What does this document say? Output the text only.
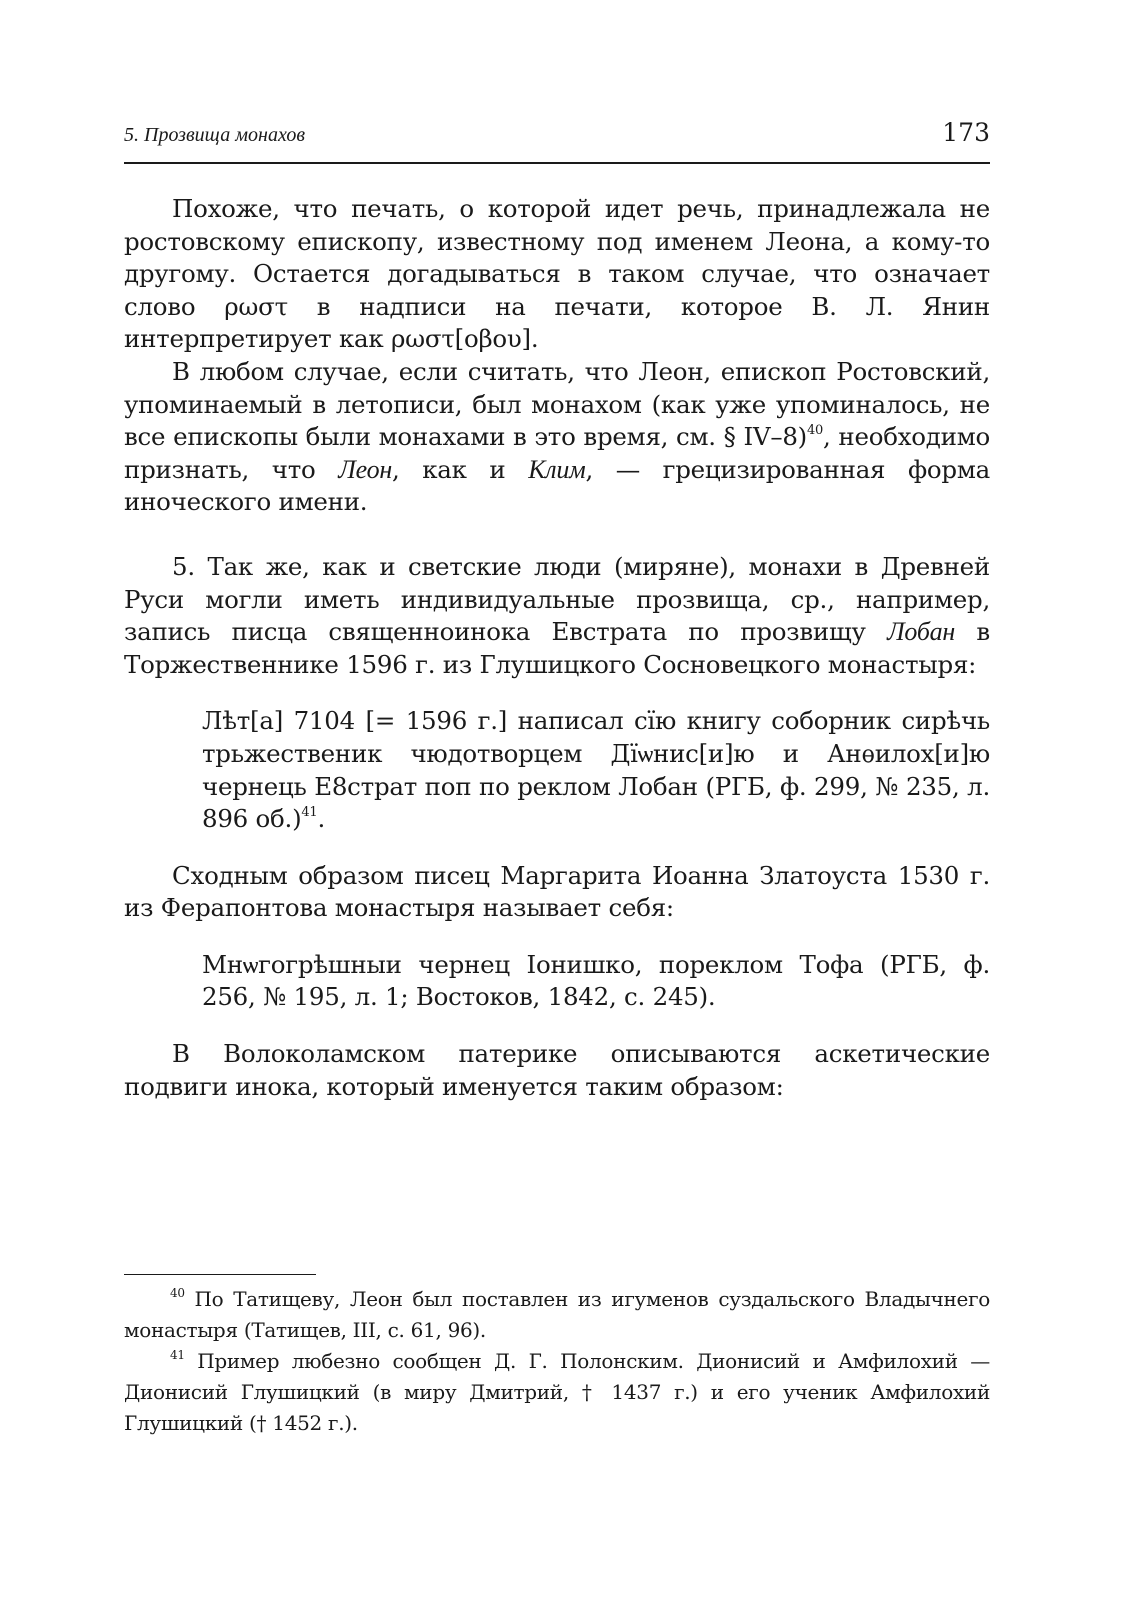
5. Прозвища монахов	173

Похоже, что печать, о которой идет речь, принадлежала не ростовскому епископу, известному под именем Леона, а кому-то другому. Остается догадываться в таком случае, что означает слово ρωστ в надписи на печати, которое В. Л. Янин интерпретирует как ρωστ[οβου].

В любом случае, если считать, что Леон, епископ Ростовский, упоминаемый в летописи, был монахом (как уже упоминалось, не все епископы были монахами в это время, см. § IV–8)$^{40}$, необходимо признать, что Леон, как и Клим, — грецизированная форма иноческого имени.

5. Так же, как и светские люди (миряне), монахи в Древней Руси могли иметь индивидуальные прозвища, ср., например, запись писца священноинока Евстрата по прозвищу Лобан в Торжественнике 1596 г. из Глушицкого Сосновецкого монастыря:

Лѣт[а] 7104 [= 1596 г.] написал сїю книгу соборник сирѣчь трьжественик чюдотворцем Дїѡнис[и]ю и Анѳилох[и]ю чернець Е8страт поп по реклом Лобан (РГБ, ф. 299, № 235, л. 896 об.)$^{41}$.

Сходным образом писец Маргарита Иоанна Златоуста 1530 г. из Ферапонтова монастыря называет себя:

Мнѡгогрѣшныи чернец Іонишко, пореклом Тофа (РГБ, ф. 256, № 195, л. 1; Востоков, 1842, с. 245).

В Волоколамском патерике описываются аскетические подвиги инока, который именуется таким образом:

$^{40}$ По Татищеву, Леон был поставлен из игуменов суздальского Владычнего монастыря (Татищев, III, с. 61, 96).

$^{41}$ Пример любезно сообщен Д. Г. Полонским. Дионисий и Амфилохий — Дионисий Глушицкий (в миру Дмитрий, † 1437 г.) и его ученик Амфилохий Глушицкий († 1452 г.).
